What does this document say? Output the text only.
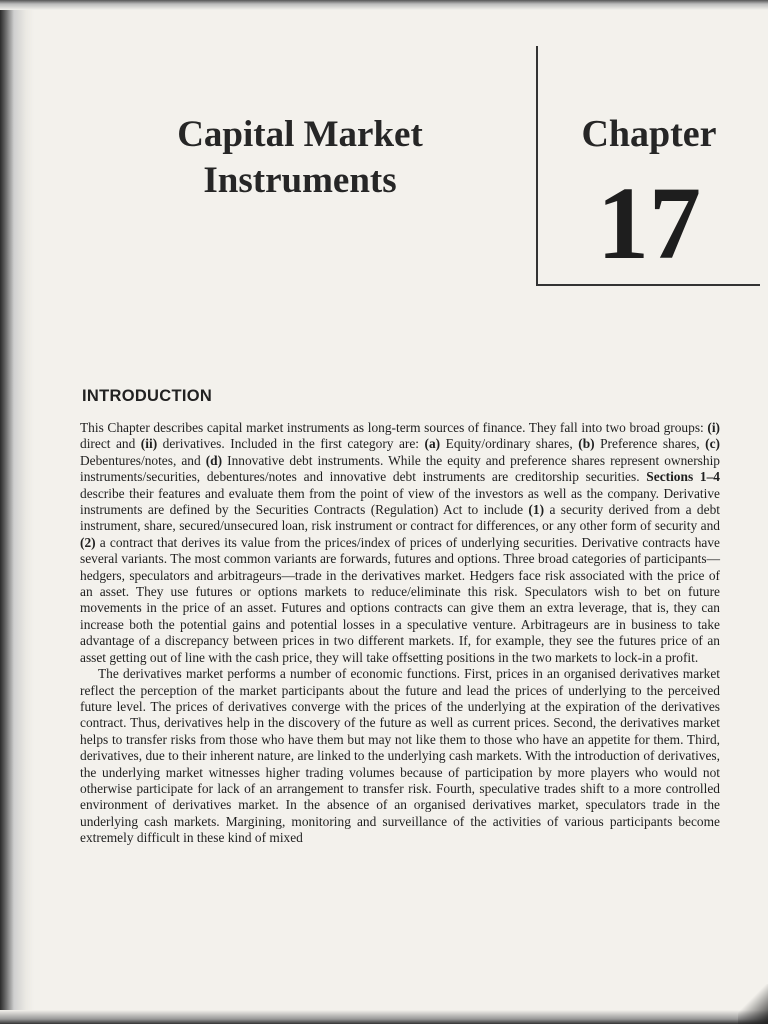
Capital Market
Instruments
Chapter
17
INTRODUCTION

This Chapter describes capital market instruments as long-term sources of finance. They fall into two broad groups: (i) direct and (ii) derivatives. Included in the first category are: (a) Equity/ordinary shares, (b) Preference shares, (c) Debentures/notes, and (d) Innovative debt instruments. While the equity and preference shares represent ownership instruments/securities, debentures/notes and innovative debt instruments are creditorship securities. Sections 1–4 describe their features and evaluate them from the point of view of the investors as well as the company. Derivative instruments are defined by the Securities Contracts (Regulation) Act to include (1) a security derived from a debt instrument, share, secured/unsecured loan, risk instrument or contract for differences, or any other form of security and (2) a contract that derives its value from the prices/index of prices of underlying securities. Derivative contracts have several variants. The most common variants are forwards, futures and options. Three broad categories of participants—hedgers, speculators and arbitrageurs—trade in the derivatives market. Hedgers face risk associated with the price of an asset. They use futures or options markets to reduce/eliminate this risk. Speculators wish to bet on future movements in the price of an asset. Futures and options contracts can give them an extra leverage, that is, they can increase both the potential gains and potential losses in a speculative venture. Arbitrageurs are in business to take advantage of a discrepancy between prices in two different markets. If, for example, they see the futures price of an asset getting out of line with the cash price, they will take offsetting positions in the two markets to lock-in a profit.

The derivatives market performs a number of economic functions. First, prices in an organised derivatives market reflect the perception of the market participants about the future and lead the prices of underlying to the perceived future level. The prices of derivatives converge with the prices of the underlying at the expiration of the derivatives contract. Thus, derivatives help in the discovery of the future as well as current prices. Second, the derivatives market helps to transfer risks from those who have them but may not like them to those who have an appetite for them. Third, derivatives, due to their inherent nature, are linked to the underlying cash markets. With the introduction of derivatives, the underlying market witnesses higher trading volumes because of participation by more players who would not otherwise participate for lack of an arrangement to transfer risk. Fourth, speculative trades shift to a more controlled environment of derivatives market. In the absence of an organised derivatives market, speculators trade in the underlying cash markets. Margining, monitoring and surveillance of the activities of various participants become extremely difficult in these kind of mixed
